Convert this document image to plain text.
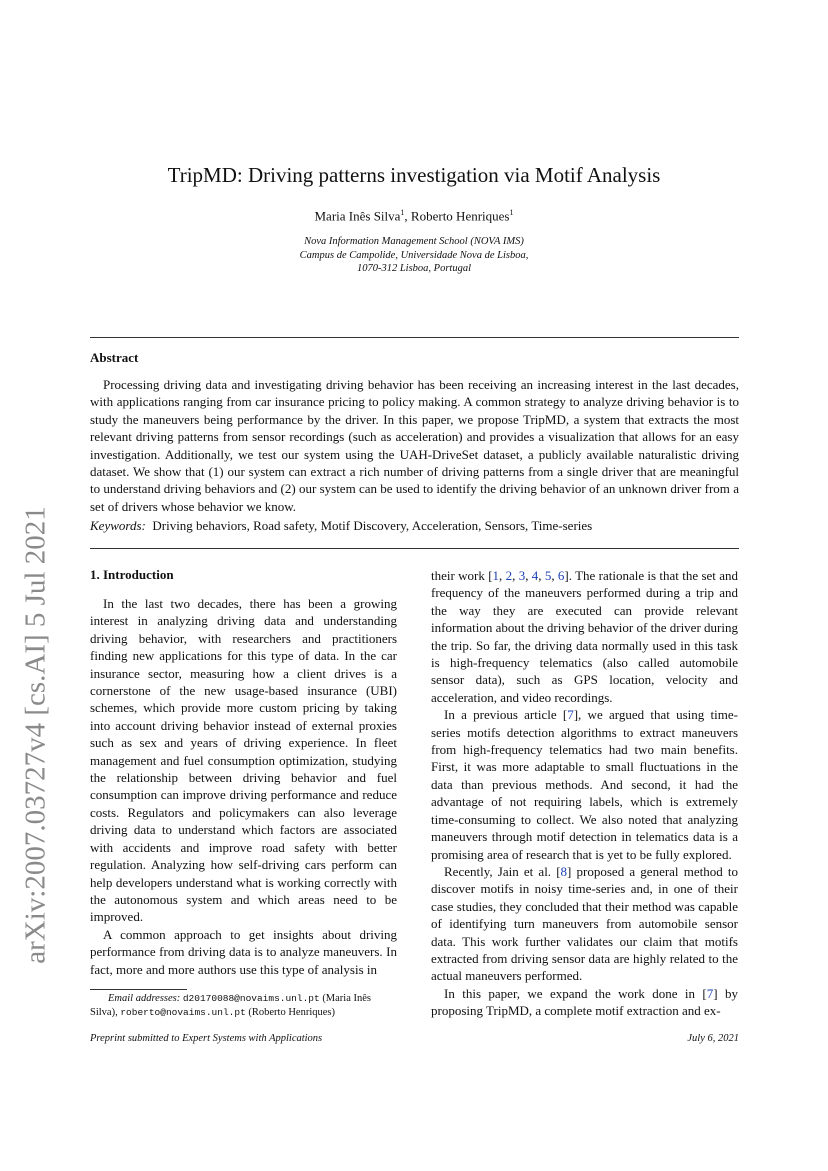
arXiv:2007.03727v4 [cs.AI] 5 Jul 2021
TripMD: Driving patterns investigation via Motif Analysis
Maria Inês Silva$^1$, Roberto Henriques$^1$
Nova Information Management School (NOVA IMS)
Campus de Campolide, Universidade Nova de Lisboa,
1070-312 Lisboa, Portugal
Abstract
Processing driving data and investigating driving behavior has been receiving an increasing interest in the last decades, with applications ranging from car insurance pricing to policy making. A common strategy to analyze driving behavior is to study the maneuvers being performance by the driver. In this paper, we propose TripMD, a system that extracts the most relevant driving patterns from sensor recordings (such as acceleration) and provides a visualization that allows for an easy investigation. Additionally, we test our system using the UAH-DriveSet dataset, a publicly available naturalistic driving dataset. We show that (1) our system can extract a rich number of driving patterns from a single driver that are meaningful to understand driving behaviors and (2) our system can be used to identify the driving behavior of an unknown driver from a set of drivers whose behavior we know.
Keywords: Driving behaviors, Road safety, Motif Discovery, Acceleration, Sensors, Time-series
1. Introduction

In the last two decades, there has been a growing interest in analyzing driving data and understanding driving behavior, with researchers and practitioners finding new applications for this type of data. In the car insurance sector, measuring how a client drives is a cornerstone of the new usage-based insurance (UBI) schemes, which provide more custom pricing by taking into account driving behavior instead of external proxies such as sex and years of driving experience. In fleet management and fuel consumption optimization, studying the relationship between driving behavior and fuel consumption can improve driving performance and reduce costs. Regulators and policymakers can also leverage driving data to understand which factors are associated with accidents and improve road safety with better regulation. Analyzing how self-driving cars perform can help developers understand what is working correctly with the autonomous system and which areas need to be improved.

A common approach to get insights about driving performance from driving data is to analyze maneuvers. In fact, more and more authors use this type of analysis in

their work [1, 2, 3, 4, 5, 6]. The rationale is that the set and frequency of the maneuvers performed during a trip and the way they are executed can provide relevant information about the driving behavior of the driver during the trip. So far, the driving data normally used in this task is high-frequency telematics (also called automobile sensor data), such as GPS location, velocity and acceleration, and video recordings.

In a previous article [7], we argued that using time-series motifs detection algorithms to extract maneuvers from high-frequency telematics had two main benefits. First, it was more adaptable to small fluctuations in the data than previous methods. And second, it had the advantage of not requiring labels, which is extremely time-consuming to collect. We also noted that analyzing maneuvers through motif detection in telematics data is a promising area of research that is yet to be fully explored.

Recently, Jain et al. [8] proposed a general method to discover motifs in noisy time-series and, in one of their case studies, they concluded that their method was capable of identifying turn maneuvers from automobile sensor data. This work further validates our claim that motifs extracted from driving sensor data are highly related to the actual maneuvers performed.

In this paper, we expand the work done in [7] by proposing TripMD, a complete motif extraction and ex-

Email addresses: d20170088@novaims.unl.pt (Maria Inês Silva), roberto@novaims.unl.pt (Roberto Henriques)
Preprint submitted to Expert Systems with Applications	July 6, 2021
